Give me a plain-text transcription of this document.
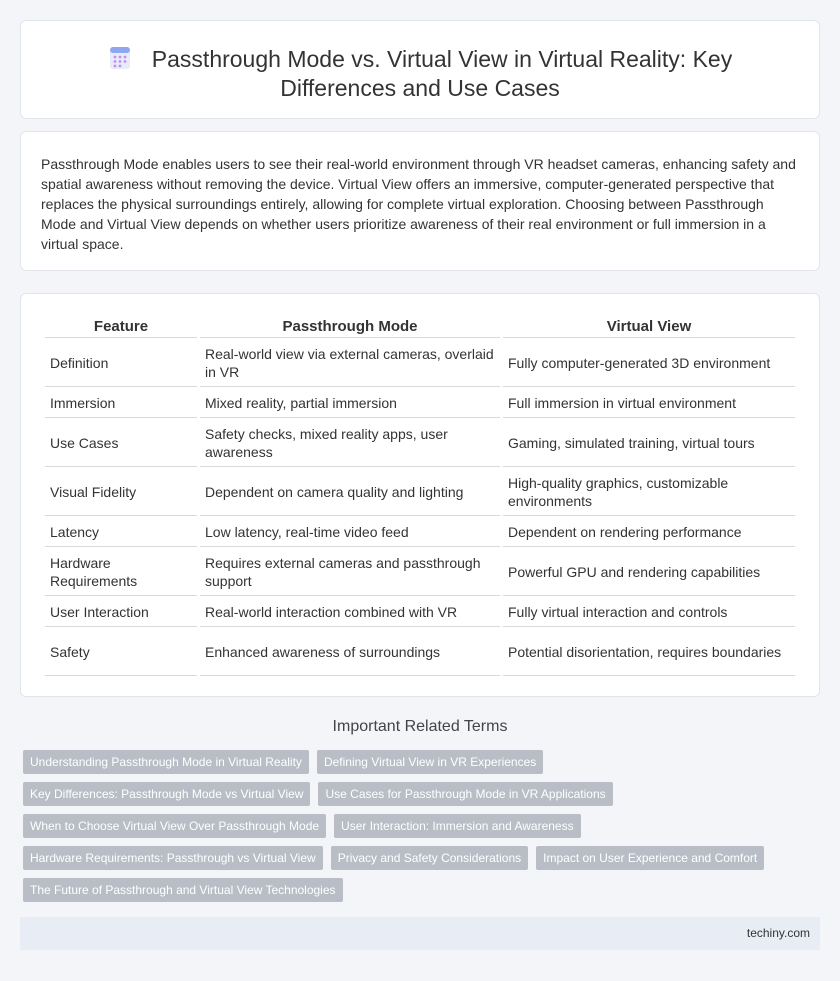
Passthrough Mode vs. Virtual View in Virtual Reality: Key Differences and Use Cases

Passthrough Mode enables users to see their real-world environment through VR headset cameras, enhancing safety and spatial awareness without removing the device. Virtual View offers an immersive, computer-generated perspective that replaces the physical surroundings entirely, allowing for complete virtual exploration. Choosing between Passthrough Mode and Virtual View depends on whether users prioritize awareness of their real environment or full immersion in a virtual space.

Feature	Passthrough Mode	Virtual View
Definition	Real-world view via external cameras, overlaid in VR	Fully computer-generated 3D environment
Immersion	Mixed reality, partial immersion	Full immersion in virtual environment
Use Cases	Safety checks, mixed reality apps, user awareness	Gaming, simulated training, virtual tours
Visual Fidelity	Dependent on camera quality and lighting	High-quality graphics, customizable environments
Latency	Low latency, real-time video feed	Dependent on rendering performance
Hardware Requirements	Requires external cameras and passthrough support	Powerful GPU and rendering capabilities
User Interaction	Real-world interaction combined with VR	Fully virtual interaction and controls
Safety	Enhanced awareness of surroundings	Potential disorientation, requires boundaries
Important Related Terms
Understanding Passthrough Mode in Virtual Reality	Defining Virtual View in VR Experiences
Key Differences: Passthrough Mode vs Virtual View	Use Cases for Passthrough Mode in VR Applications
When to Choose Virtual View Over Passthrough Mode	User Interaction: Immersion and Awareness
Hardware Requirements: Passthrough vs Virtual View	Privacy and Safety Considerations	Impact on User Experience and Comfort
The Future of Passthrough and Virtual View Technologies
techiny.com
